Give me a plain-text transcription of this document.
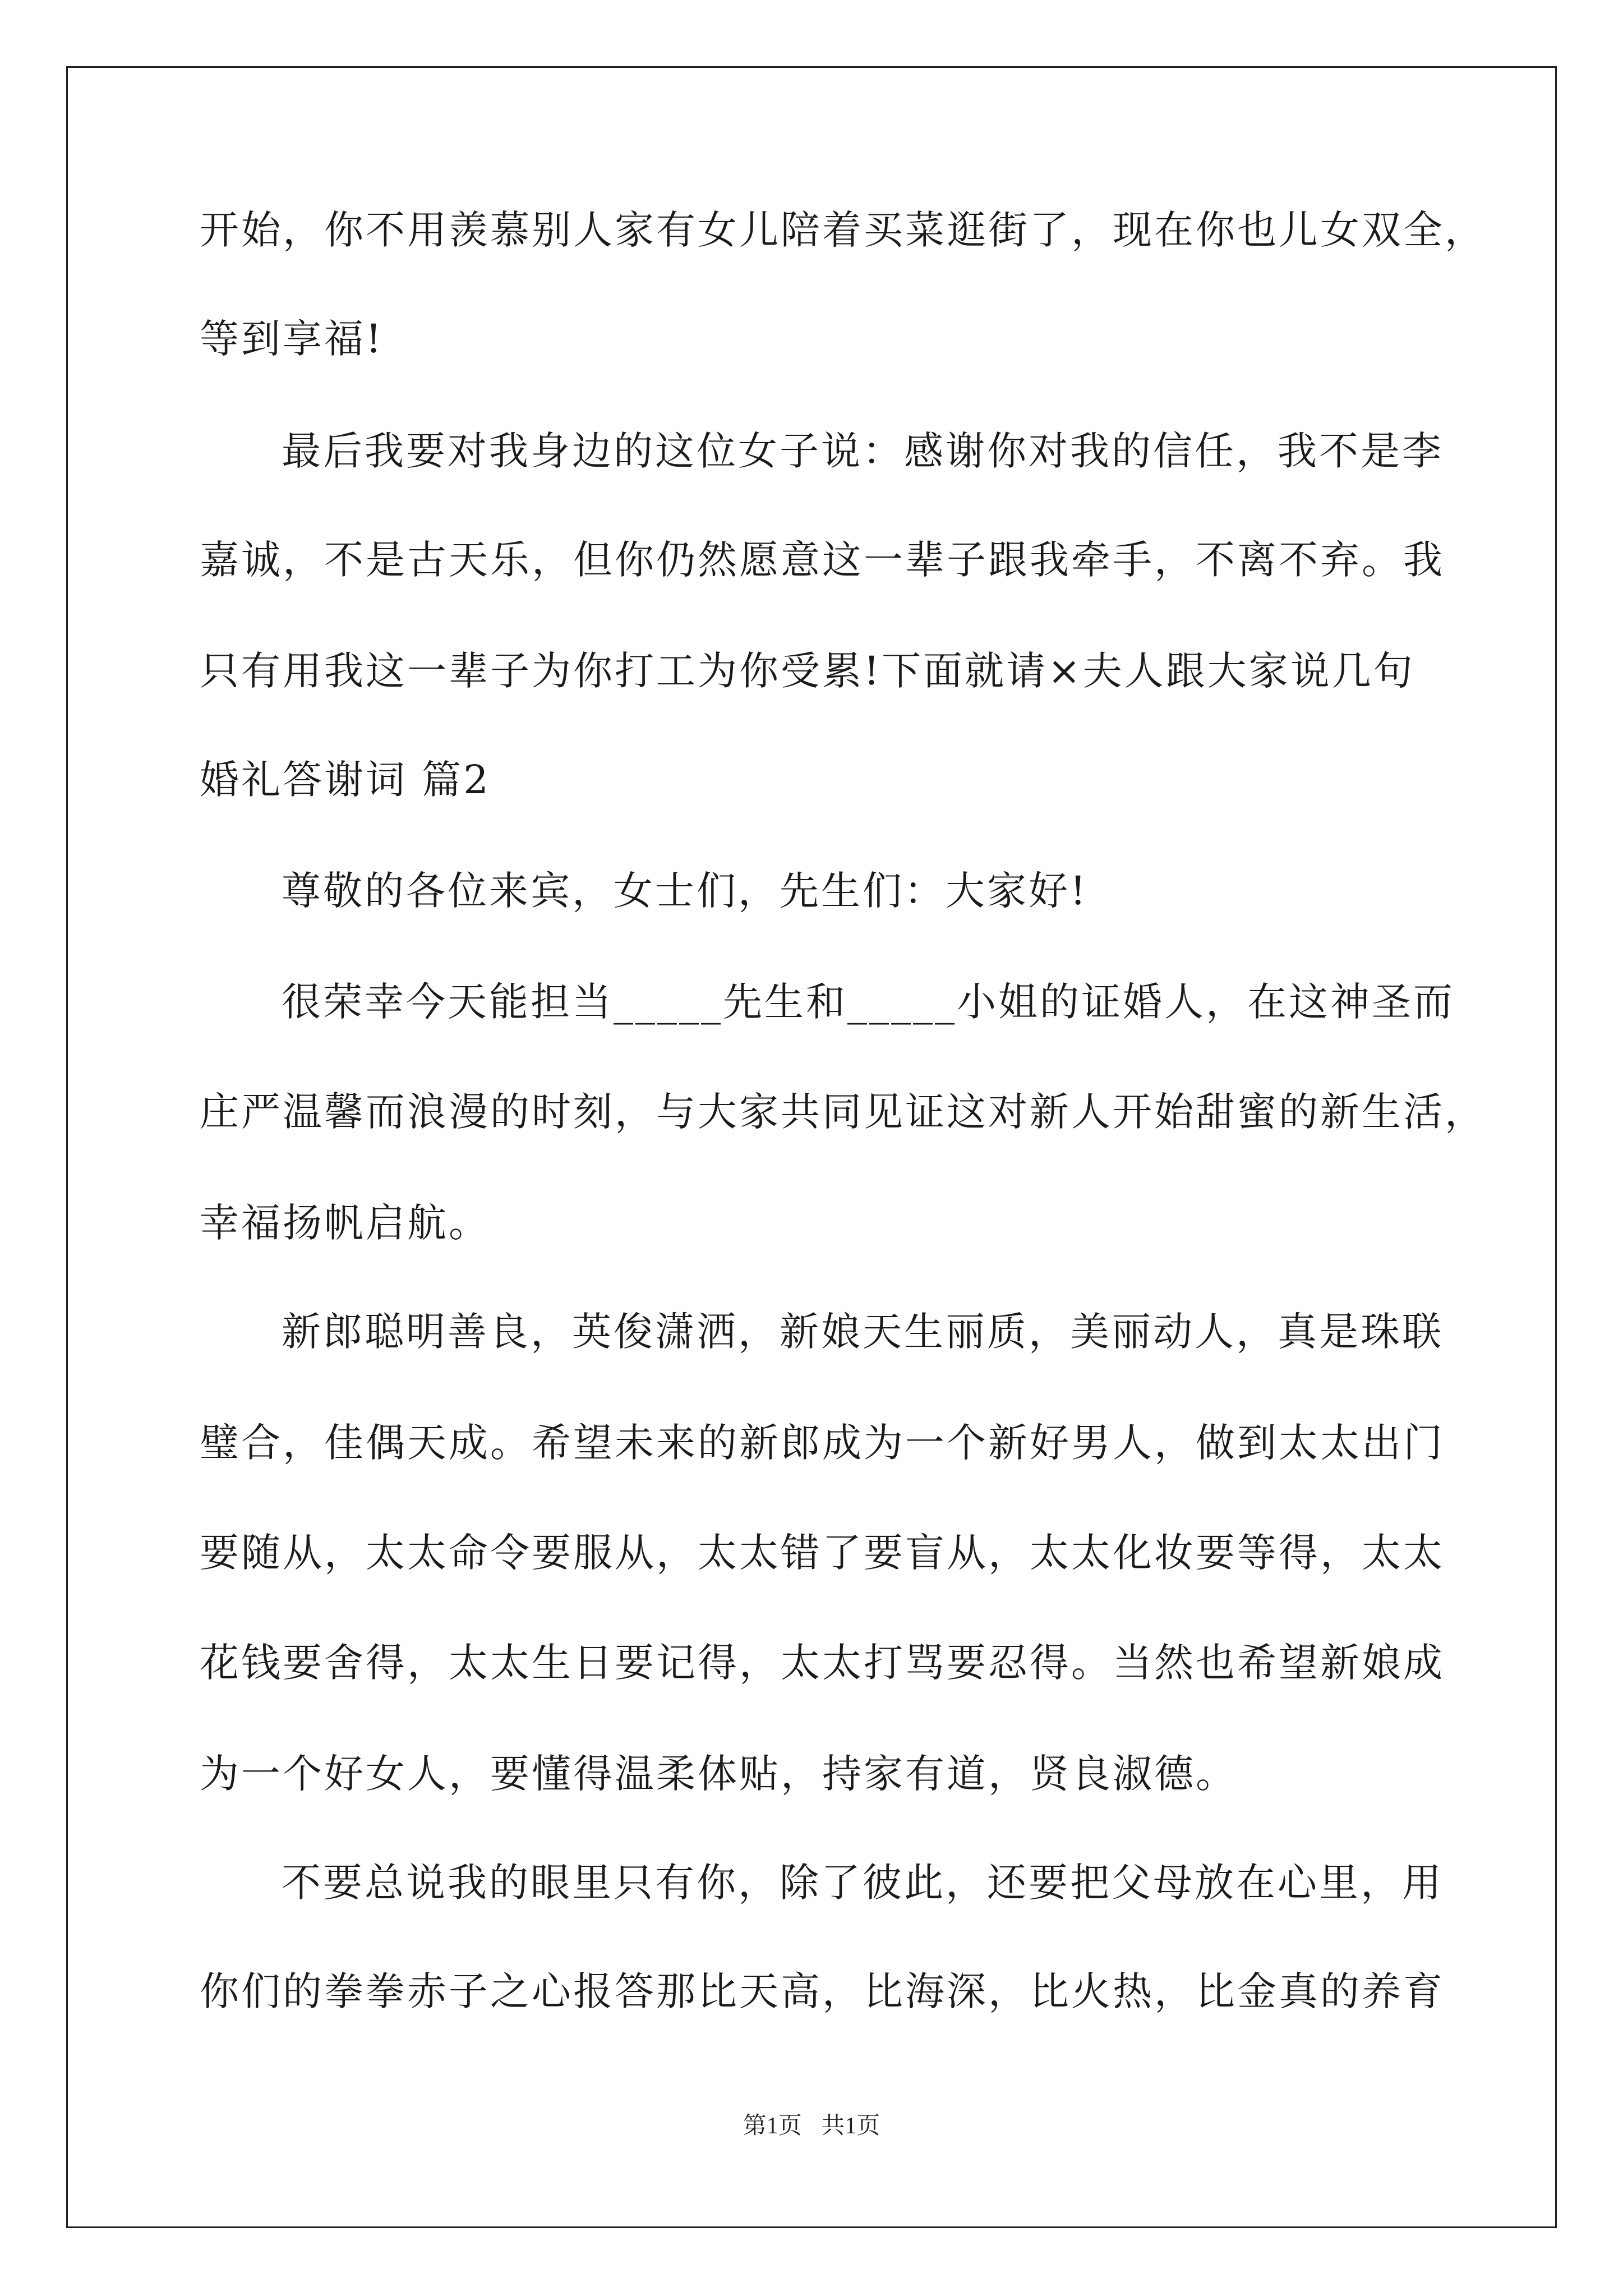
开始，你不用羡慕别人家有女儿陪着买菜逛街了，现在你也儿女双全，
等到享福!
最后我要对我身边的这位女子说：感谢你对我的信任，我不是李
嘉诚，不是古天乐，但你仍然愿意这一辈子跟我牵手，不离不弃。我
只有用我这一辈子为你打工为你受累!下面就请×夫人跟大家说几句
婚礼答谢词 篇2
尊敬的各位来宾，女士们，先生们：大家好!
很荣幸今天能担当_____先生和_____小姐的证婚人，在这神圣而
庄严温馨而浪漫的时刻，与大家共同见证这对新人开始甜蜜的新生活，
幸福扬帆启航。
新郎聪明善良，英俊潇洒，新娘天生丽质，美丽动人，真是珠联
璧合，佳偶天成。希望未来的新郎成为一个新好男人，做到太太出门
要随从，太太命令要服从，太太错了要盲从，太太化妆要等得，太太
花钱要舍得，太太生日要记得，太太打骂要忍得。当然也希望新娘成
为一个好女人，要懂得温柔体贴，持家有道，贤良淑德。
不要总说我的眼里只有你，除了彼此，还要把父母放在心里，用
你们的拳拳赤子之心报答那比天高，比海深，比火热，比金真的养育
第1页 共1页
